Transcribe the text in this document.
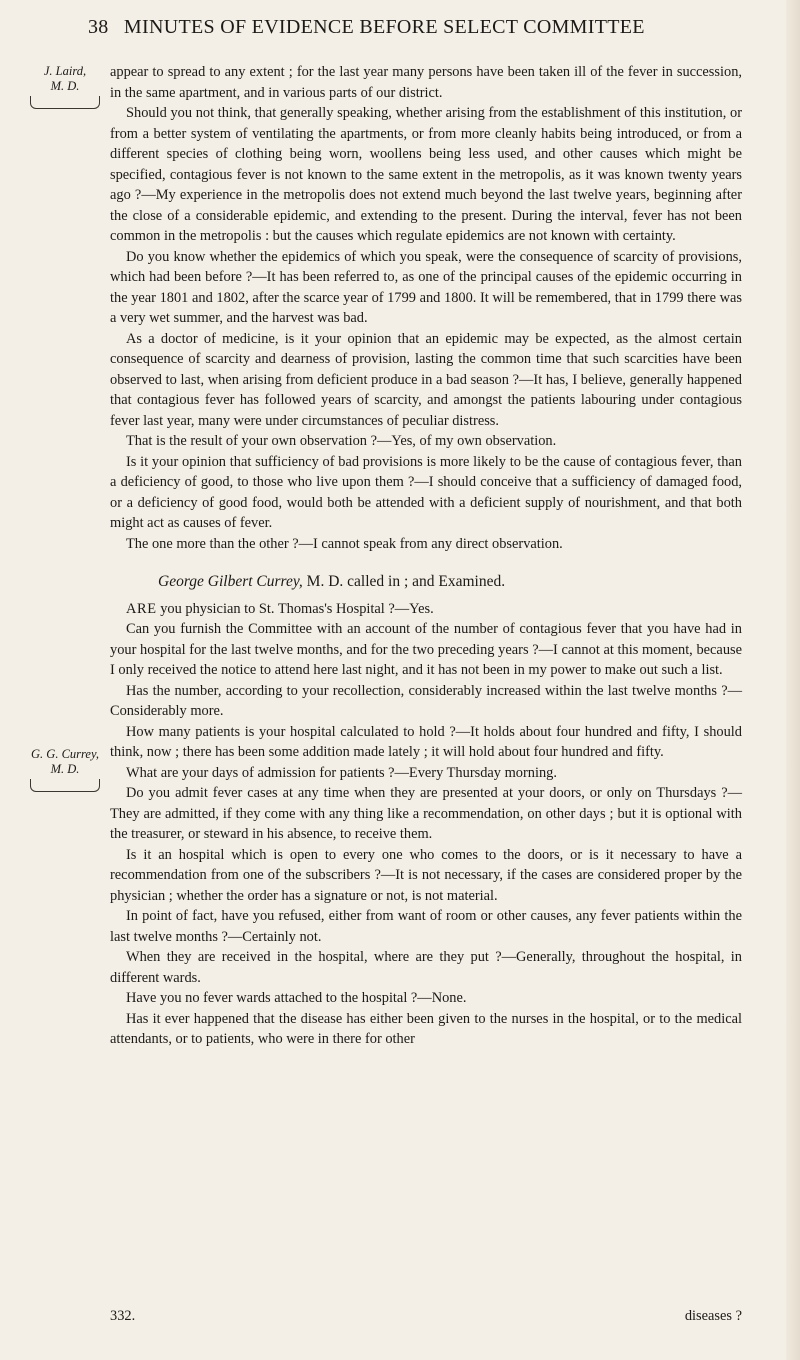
38 MINUTES OF EVIDENCE BEFORE SELECT COMMITTEE
J. Laird,
M. D.
G. G. Currey,
M. D.

appear to spread to any extent ; for the last year many persons have been taken ill of the fever in succession, in the same apartment, and in various parts of our district.

Should you not think, that generally speaking, whether arising from the establishment of this institution, or from a better system of ventilating the apartments, or from more cleanly habits being introduced, or from a different species of clothing being worn, woollens being less used, and other causes which might be specified, contagious fever is not known to the same extent in the metropolis, as it was known twenty years ago ?—My experience in the metropolis does not extend much beyond the last twelve years, beginning after the close of a considerable epidemic, and extending to the present. During the interval, fever has not been common in the metropolis : but the causes which regulate epidemics are not known with certainty.

Do you know whether the epidemics of which you speak, were the consequence of scarcity of provisions, which had been before ?—It has been referred to, as one of the principal causes of the epidemic occurring in the year 1801 and 1802, after the scarce year of 1799 and 1800. It will be remembered, that in 1799 there was a very wet summer, and the harvest was bad.

As a doctor of medicine, is it your opinion that an epidemic may be expected, as the almost certain consequence of scarcity and dearness of provision, lasting the common time that such scarcities have been observed to last, when arising from deficient produce in a bad season ?—It has, I believe, generally happened that contagious fever has followed years of scarcity, and amongst the patients labouring under contagious fever last year, many were under circumstances of peculiar distress.

That is the result of your own observation ?—Yes, of my own observation.

Is it your opinion that sufficiency of bad provisions is more likely to be the cause of contagious fever, than a deficiency of good, to those who live upon them ?—I should conceive that a sufficiency of damaged food, or a deficiency of good food, would both be attended with a deficient supply of nourishment, and that both might act as causes of fever.

The one more than the other ?—I cannot speak from any direct observation.

George Gilbert Currey, M. D. called in ; and Examined.

ARE you physician to St. Thomas's Hospital ?—Yes.

Can you furnish the Committee with an account of the number of contagious fever that you have had in your hospital for the last twelve months, and for the two preceding years ?—I cannot at this moment, because I only received the notice to attend here last night, and it has not been in my power to make out such a list.

Has the number, according to your recollection, considerably increased within the last twelve months ?—Considerably more.

How many patients is your hospital calculated to hold ?—It holds about four hundred and fifty, I should think, now ; there has been some addition made lately ; it will hold about four hundred and fifty.

What are your days of admission for patients ?—Every Thursday morning.

Do you admit fever cases at any time when they are presented at your doors, or only on Thursdays ?—They are admitted, if they come with any thing like a recommendation, on other days ; but it is optional with the treasurer, or steward in his absence, to receive them.

Is it an hospital which is open to every one who comes to the doors, or is it necessary to have a recommendation from one of the subscribers ?—It is not necessary, if the cases are considered proper by the physician ; whether the order has a signature or not, is not material.

In point of fact, have you refused, either from want of room or other causes, any fever patients within the last twelve months ?—Certainly not.

When they are received in the hospital, where are they put ?—Generally, throughout the hospital, in different wards.

Have you no fever wards attached to the hospital ?—None.

Has it ever happened that the disease has either been given to the nurses in the hospital, or to the medical attendants, or to patients, who were in there for other

332.	diseases ?
